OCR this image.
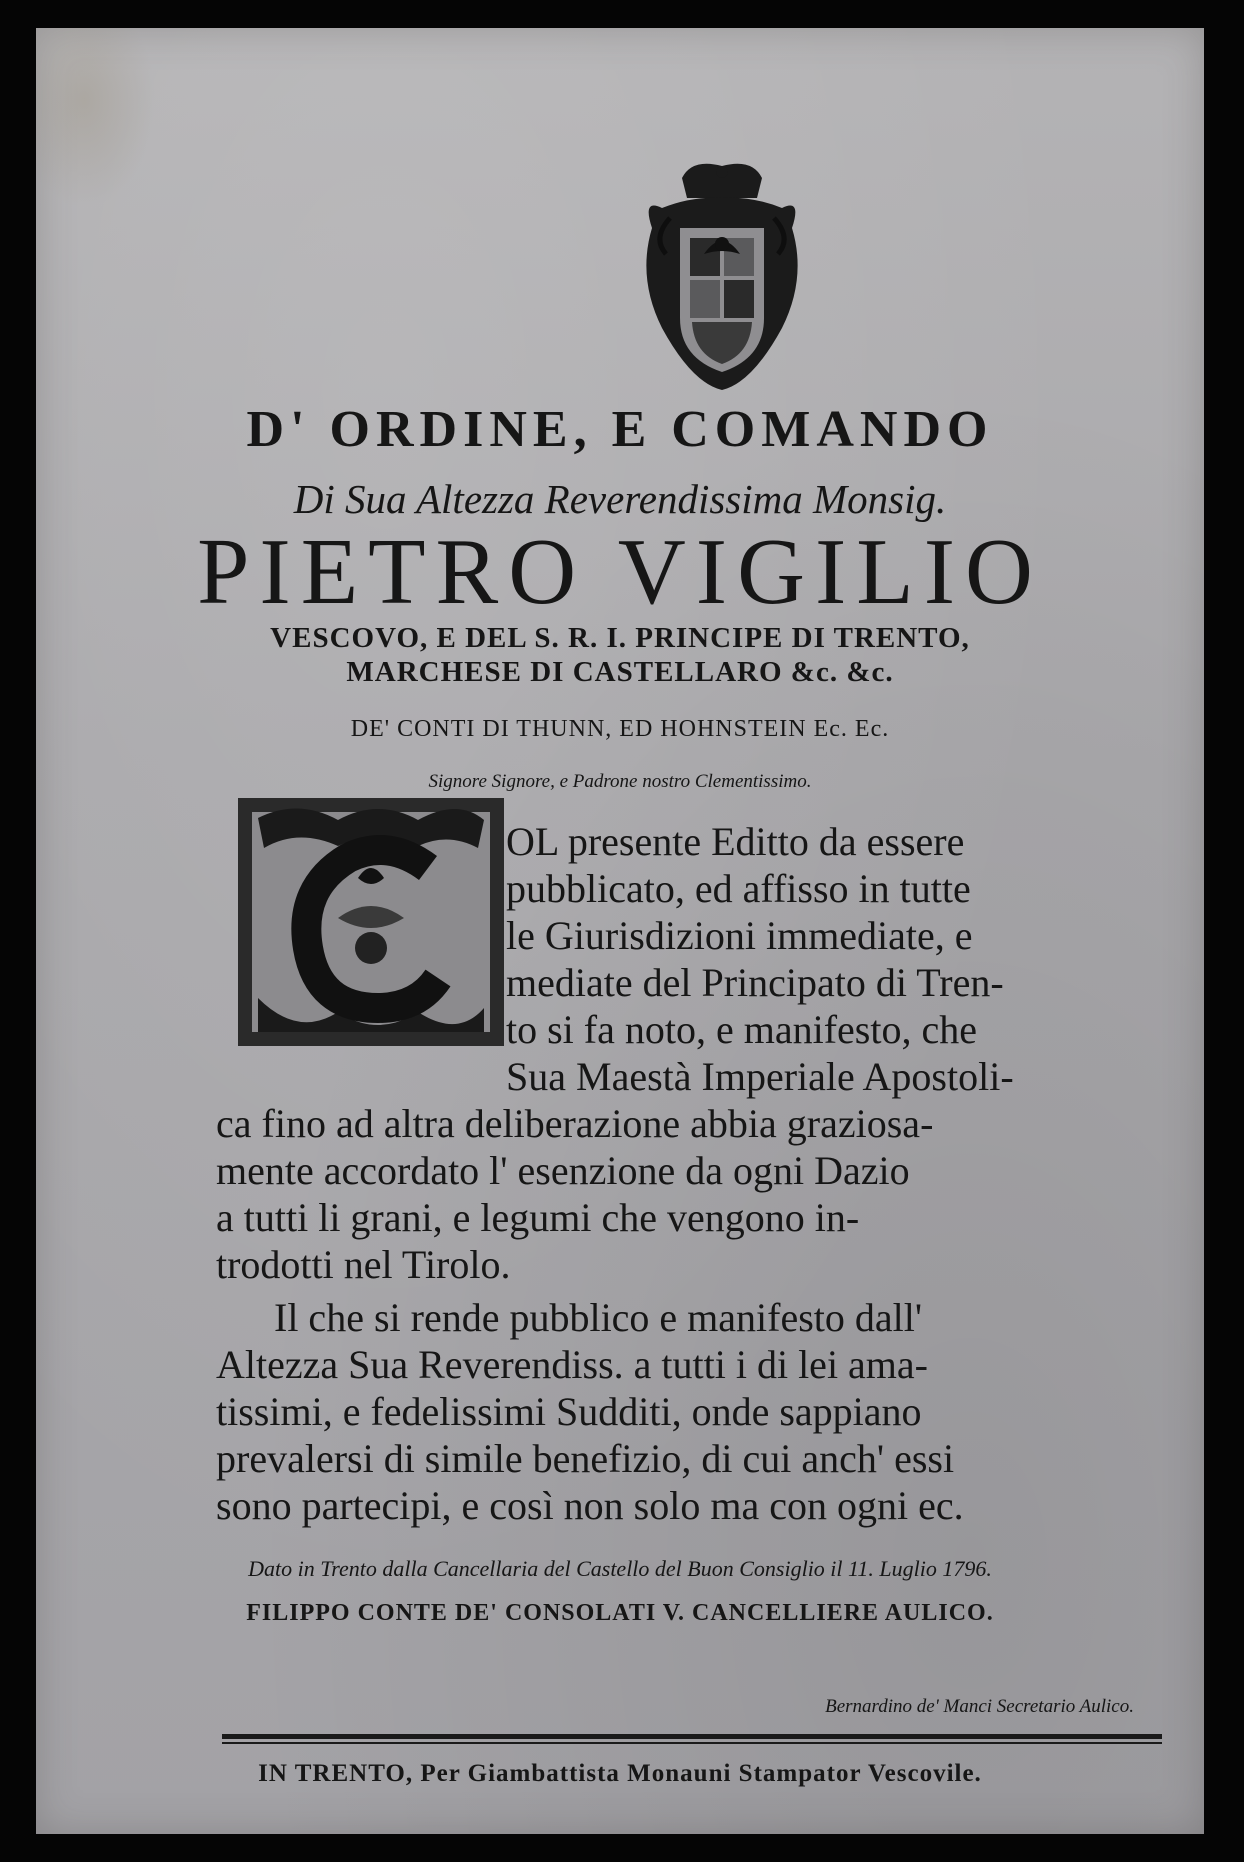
D' ORDINE, E COMANDO
Di Sua Altezza Reverendissima Monsig.
PIETRO VIGILIO
VESCOVO, E DEL S. R. I. PRINCIPE DI TRENTO,
MARCHESE DI CASTELLARO &c. &c.
DE' CONTI DI THUNN, ED HOHNSTEIN Ec. Ec.
Signore Signore, e Padrone nostro Clementissimo.
OL presente Editto da essere
pubblicato, ed affisso in tutte
le Giurisdizioni immediate, e
mediate del Principato di Tren-
to si fa noto, e manifesto, che
Sua Maestà Imperiale Apostoli-
ca fino ad altra deliberazione abbia graziosa-
mente accordato l' esenzione da ogni Dazio
a tutti li grani, e legumi che vengono in-
trodotti nel Tirolo.
Il che si rende pubblico e manifesto dall'
Altezza Sua Reverendiss. a tutti i di lei ama-
tissimi, e fedelissimi Sudditi, onde sappiano
prevalersi di simile benefizio, di cui anch' essi
sono partecipi, e così non solo ma con ogni ec.
Dato in Trento dalla Cancellaria del Castello del Buon Consiglio il 11. Luglio 1796.
FILIPPO CONTE DE' CONSOLATI V. CANCELLIERE AULICO.
Bernardino de' Manci Secretario Aulico.
IN TRENTO, Per Giambattista Monauni Stampator Vescovile.
